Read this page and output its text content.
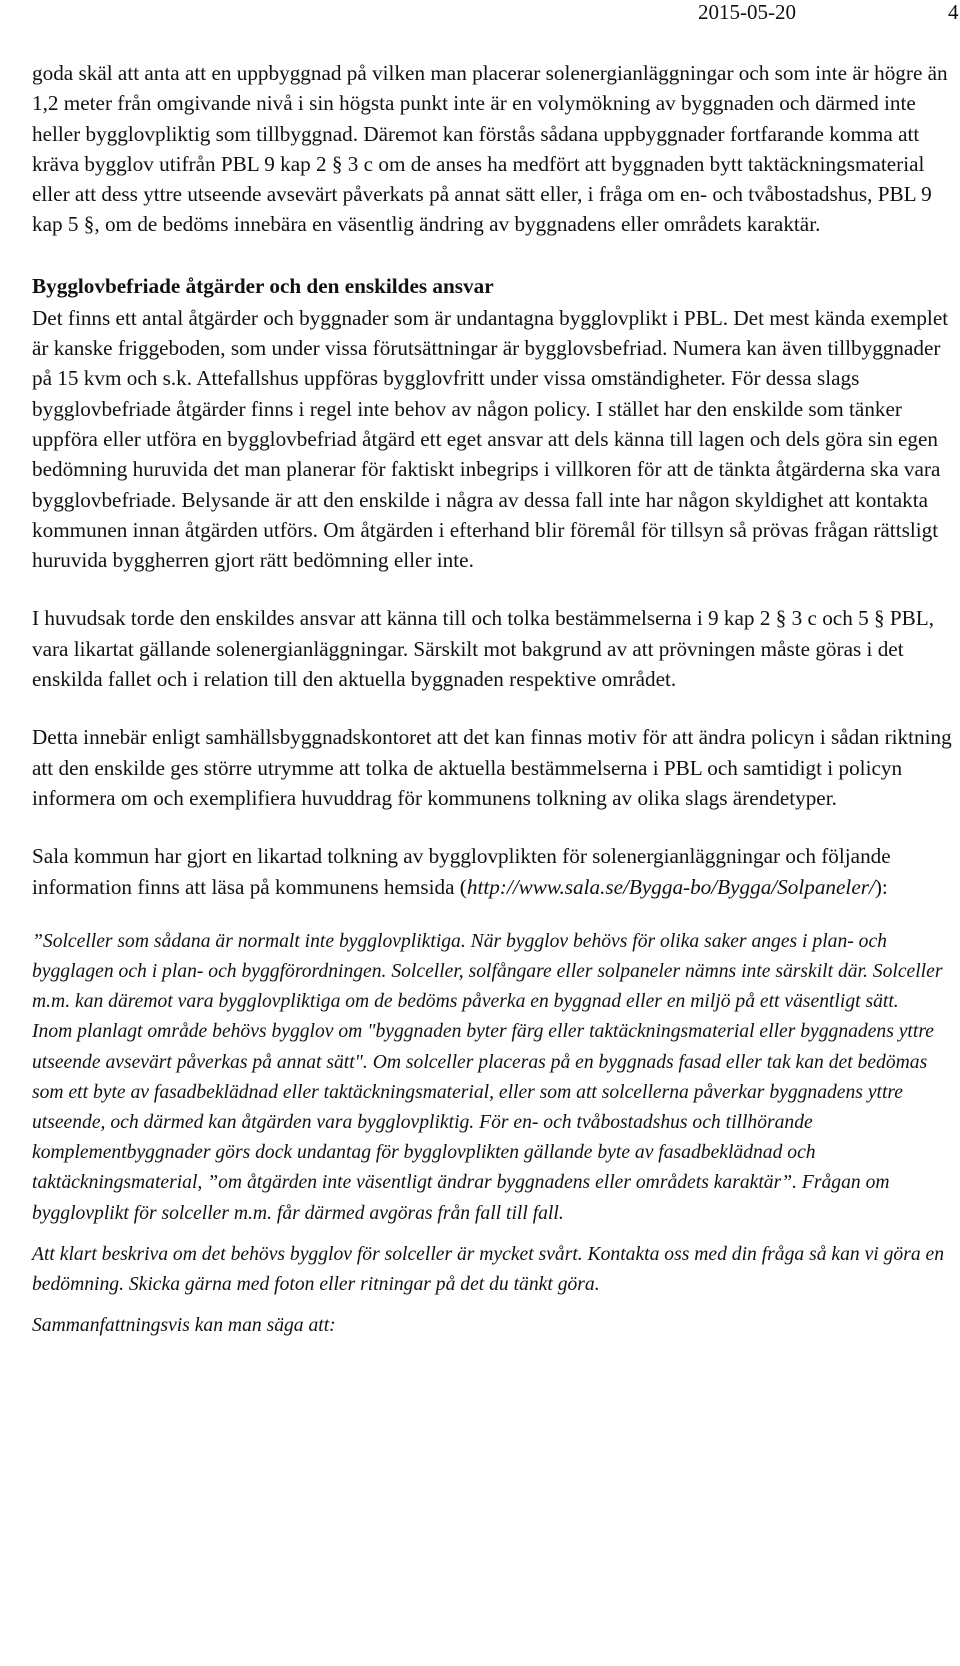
2015-05-20	4

goda skäl att anta att en uppbyggnad på vilken man placerar solenergianläggningar och som inte är högre än 1,2 meter från omgivande nivå i sin högsta punkt inte är en volymökning av byggnaden och därmed inte heller bygglovpliktig som tillbyggnad. Däremot kan förstås sådana uppbyggnader fortfarande komma att kräva bygglov utifrån PBL 9 kap 2 § 3 c om de anses ha medfört att byggnaden bytt taktäckningsmaterial eller att dess yttre utseende avsevärt påverkats på annat sätt eller, i fråga om en- och tvåbostadshus, PBL 9 kap 5 §, om de bedöms innebära en väsentlig ändring av byggnadens eller områdets karaktär.

Bygglovbefriade åtgärder och den enskildes ansvar

Det finns ett antal åtgärder och byggnader som är undantagna bygglovplikt i PBL. Det mest kända exemplet är kanske friggeboden, som under vissa förutsättningar är bygglovsbefriad. Numera kan även tillbyggnader på 15 kvm och s.k. Attefallshus uppföras bygglovfritt under vissa omständigheter. För dessa slags bygglovbefriade åtgärder finns i regel inte behov av någon policy. I stället har den enskilde som tänker uppföra eller utföra en bygglovbefriad åtgärd ett eget ansvar att dels känna till lagen och dels göra sin egen bedömning huruvida det man planerar för faktiskt inbegrips i villkoren för att de tänkta åtgärderna ska vara bygglovbefriade. Belysande är att den enskilde i några av dessa fall inte har någon skyldighet att kontakta kommunen innan åtgärden utförs. Om åtgärden i efterhand blir föremål för tillsyn så prövas frågan rättsligt huruvida byggherren gjort rätt bedömning eller inte.

I huvudsak torde den enskildes ansvar att känna till och tolka bestämmelserna i 9 kap 2 § 3 c och 5 § PBL, vara likartat gällande solenergianläggningar. Särskilt mot bakgrund av att prövningen måste göras i det enskilda fallet och i relation till den aktuella byggnaden respektive området.

Detta innebär enligt samhällsbyggnadskontoret att det kan finnas motiv för att ändra policyn i sådan riktning att den enskilde ges större utrymme att tolka de aktuella bestämmelserna i PBL och samtidigt i policyn informera om och exemplifiera huvuddrag för kommunens tolkning av olika slags ärendetyper.

Sala kommun har gjort en likartad tolkning av bygglovplikten för solenergianläggningar och följande information finns att läsa på kommunens hemsida (http://www.sala.se/Bygga-bo/Bygga/Solpaneler/):

”Solceller som sådana är normalt inte bygglovpliktiga. När bygglov behövs för olika saker anges i plan- och bygglagen och i plan- och byggförordningen. Solceller, solfångare eller solpaneler nämns inte särskilt där. Solceller m.m. kan däremot vara bygglovpliktiga om de bedöms påverka en byggnad eller en miljö på ett väsentligt sätt.

Inom planlagt område behövs bygglov om "byggnaden byter färg eller taktäckningsmaterial eller byggnadens yttre utseende avsevärt påverkas på annat sätt". Om solceller placeras på en byggnads fasad eller tak kan det bedömas som ett byte av fasadbeklädnad eller taktäckningsmaterial, eller som att solcellerna påverkar byggnadens yttre utseende, och därmed kan åtgärden vara bygglovpliktig. För en- och tvåbostadshus och tillhörande komplementbyggnader görs dock undantag för bygglovplikten gällande byte av fasadbeklädnad och taktäckningsmaterial, ”om åtgärden inte väsentligt ändrar byggnadens eller områdets karaktär”. Frågan om bygglovplikt för solceller m.m. får därmed avgöras från fall till fall.

Att klart beskriva om det behövs bygglov för solceller är mycket svårt. Kontakta oss med din fråga så kan vi göra en bedömning. Skicka gärna med foton eller ritningar på det du tänkt göra.

Sammanfattningsvis kan man säga att:
